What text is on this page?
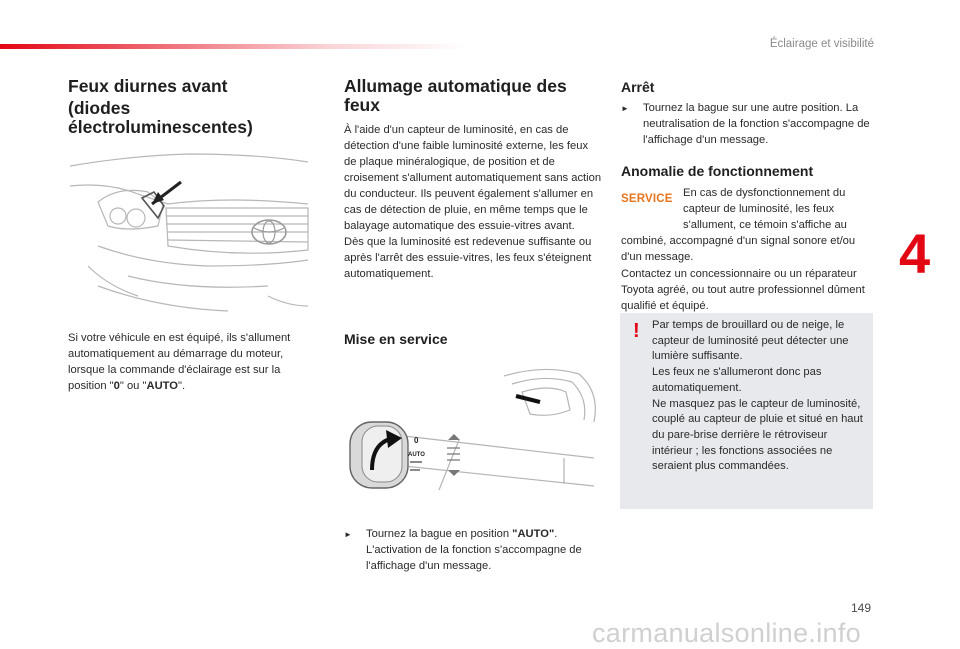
Éclairage et visibilité
Feux diurnes avant
(diodes électroluminescentes)
Si votre véhicule en est équipé, ils s'allument automatiquement au démarrage du moteur, lorsque la commande d'éclairage est sur la position "0" ou "AUTO".
Allumage automatique des feux
À l'aide d'un capteur de luminosité, en cas de détection d'une faible luminosité externe, les feux de plaque minéralogique, de position et de croisement s'allument automatiquement sans action du conducteur. Ils peuvent également s'allumer en cas de détection de pluie, en même temps que le balayage automatique des essuie-vitres avant.
Dès que la luminosité est redevenue suffisante ou après l'arrêt des essuie-vitres, les feux s'éteignent automatiquement.
Mise en service
0
AUTO
► Tournez la bague en position "AUTO". L'activation de la fonction s'accompagne de l'affichage d'un message.
Arrêt
► Tournez la bague sur une autre position. La neutralisation de la fonction s'accompagne de l'affichage d'un message.
Anomalie de fonctionnement
SERVICE En cas de dysfonctionnement du capteur de luminosité, les feux s'allument, ce témoin s'affiche au combiné, accompagné d'un signal sonore et/ou d'un message.
Contactez un concessionnaire ou un réparateur Toyota agréé, ou tout autre professionnel dûment qualifié et équipé.
! Par temps de brouillard ou de neige, le capteur de luminosité peut détecter une lumière suffisante.
Les feux ne s'allumeront donc pas automatiquement.
Ne masquez pas le capteur de luminosité, couplé au capteur de pluie et situé en haut du pare-brise derrière le rétroviseur intérieur ; les fonctions associées ne seraient plus commandées.
4
149
carmanualsonline.info
